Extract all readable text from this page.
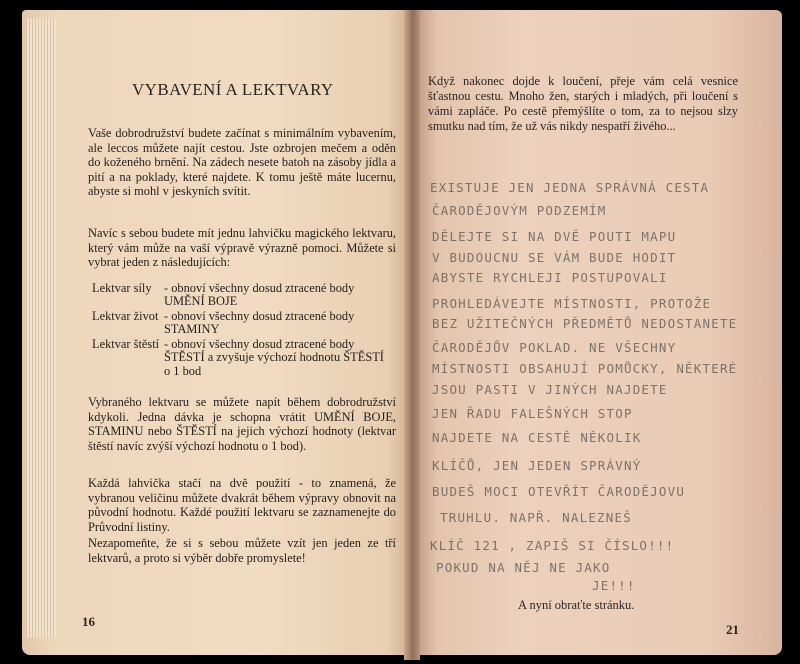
VYBAVENÍ A LEKTVARY

Vaše dobrodružství budete začínat s minimálním vybavením, ale leccos můžete najít cestou. Jste ozbrojen mečem a oděn do koženého brnění. Na zádech nesete batoh na zásoby jídla a pití a na poklady, které najdete. K tomu ještě máte lucernu, abyste si mohl v jeskyních svítit.

Navíc s sebou budete mít jednu lahvičku magického lektvaru, který vám může na vaší výpravě výrazně pomoci. Můžete si vybrat jeden z následujících:

Lektvar síly - obnoví všechny dosud ztracené body UMĚNÍ BOJE
Lektvar život - obnoví všechny dosud ztracené body STAMINY
Lektvar štěstí - obnoví všechny dosud ztracené body ŠTĚSTÍ a zvyšuje výchozí hodnotu ŠTĚSTÍ o 1 bod

Vybraného lektvaru se můžete napít během dobrodružství kdykoli. Jedna dávka je schopna vrátit UMĚNÍ BOJE, STAMINU nebo ŠTĚSTÍ na jejich výchozí hodnoty (lektvar štěstí navíc zvýší výchozí hodnotu o 1 bod).

Každá lahvička stačí na dvě použití - to znamená, že vybranou veličinu můžete dvakrát během výpravy obnovit na původní hodnotu. Každé použití lektvaru se zaznamenejte do Průvodní listiny.

Nezapomeňte, že si s sebou můžete vzít jen jeden ze tří lektvarů, a proto si výběr dobře promyslete!

16

Když nakonec dojde k loučení, přeje vám celá vesnice šťastnou cestu. Mnoho žen, starých i mladých, při loučení s vámi zapláče. Po cestě přemýšlíte o tom, za to nejsou slzy smutku nad tím, že už vás nikdy nespatří živého...

EXISTUJE JEN JEDNA SPRÁVNÁ CESTA
ČARODĚJOVÝM PODZEMÍM
DĚLEJTE SI NA DVĚ POUTI MAPU
V BUDOUCNU SE VÁM BUDE HODIT
ABYSTE RYCHLEJI POSTUPOVALI
PROHLEDÁVEJTE MÍSTNOSTI, PROTOŽE
BEZ UŽITEČNÝCH PŘEDMĚTŮ NEDOSTANETE
ČARODĚJŮV POKLAD. NE VŠECHNY
MÍSTNOSTI OBSAHUJÍ POMŮCKY, NĚKTERÉ
JSOU PASTI V JINÝCH NAJDETE
JEN ŘADU FALEŠNÝCH STOP
NAJDETE NA CESTĚ NĚKOLIK
KLÍČŮ, JEN JEDEN SPRÁVNÝ
BUDEŠ MOCI OTEVŘÍT ČARODĚJOVU
TRUHLU. NAPŘ. NALEZNEŠ
KLÍČ 121 , ZAPIŠ SI ČÍSLO!!!
POKUD NA NĚJ NE JAKO
JE!!!
A nyní obraťte stránku.
21
